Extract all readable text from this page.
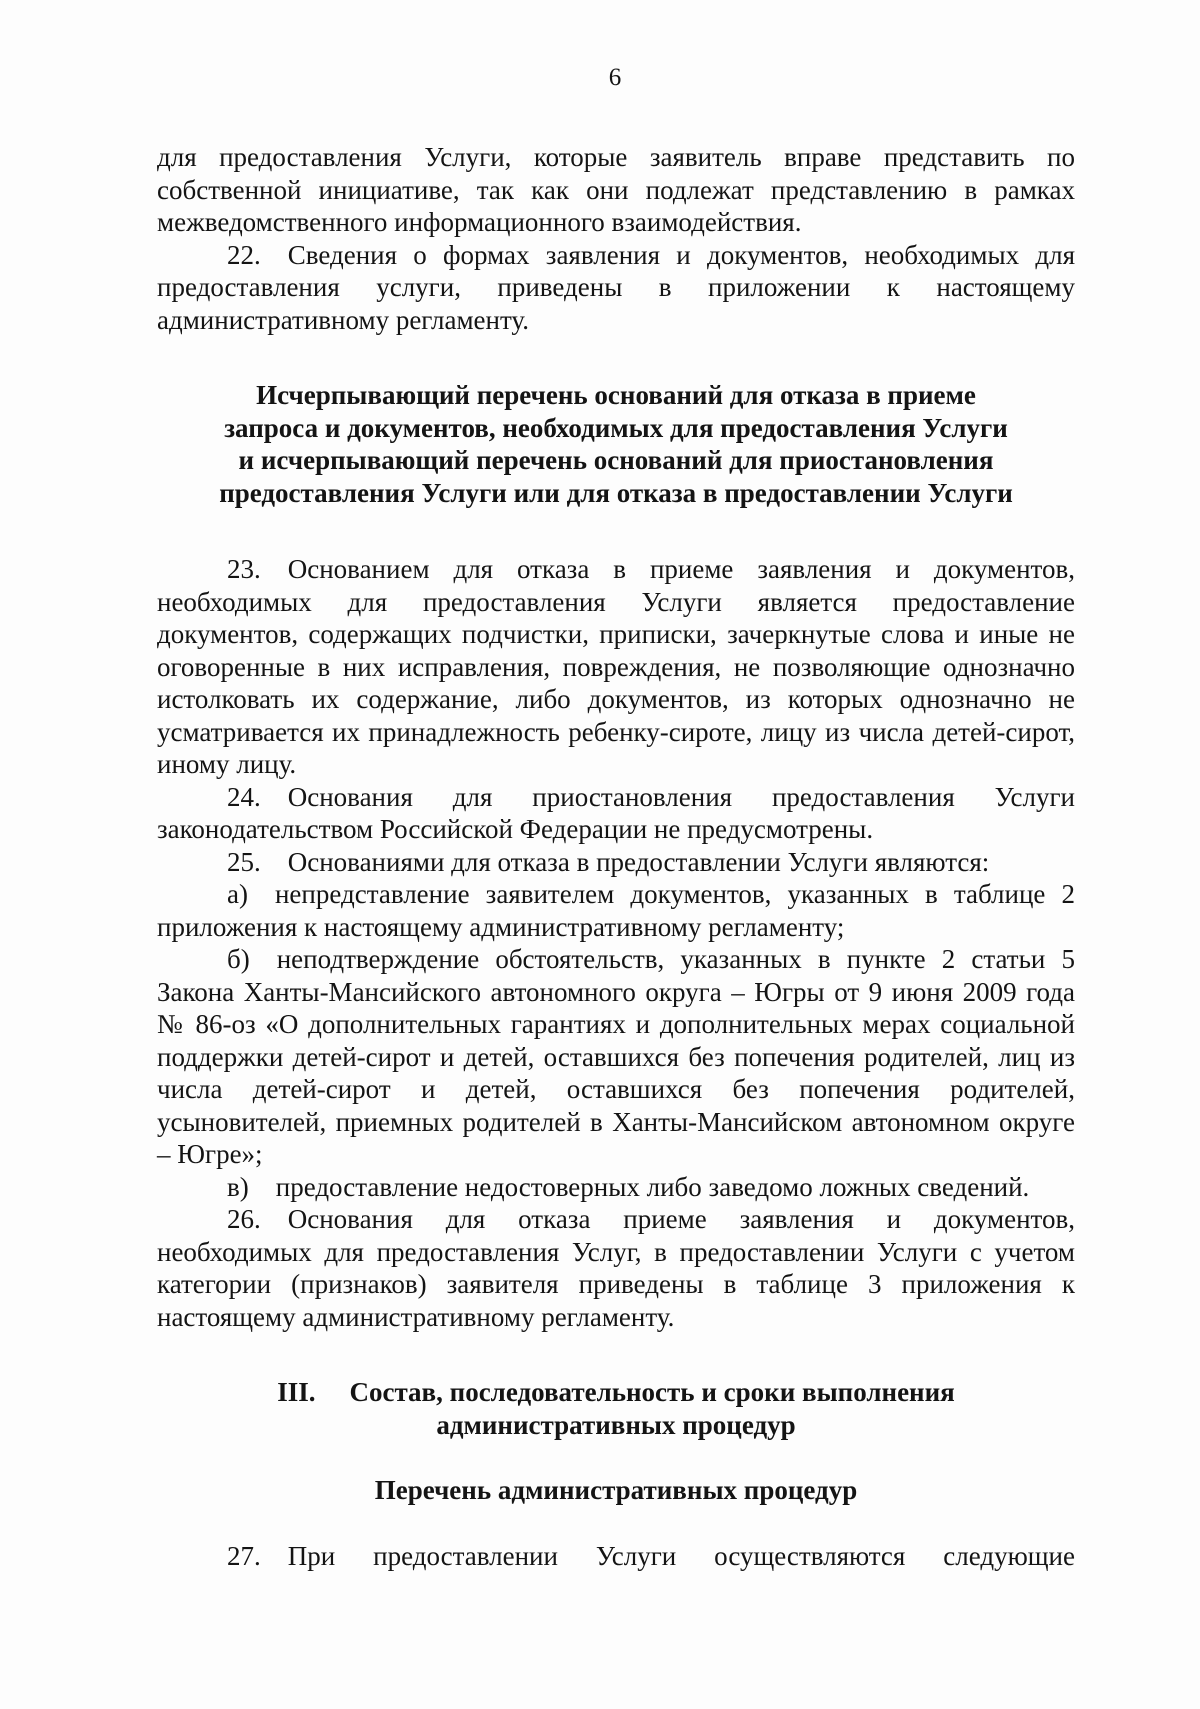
6

для предоставления Услуги, которые заявитель вправе представить по собственной инициативе, так как они подлежат представлению в рамках межведомственного информационного взаимодействия.

22. Сведения о формах заявления и документов, необходимых для предоставления услуги, приведены в приложении к настоящему административному регламенту.

Исчерпывающий перечень оснований для отказа в приеме
запроса и документов, необходимых для предоставления Услуги
и исчерпывающий перечень оснований для приостановления
предоставления Услуги или для отказа в предоставлении Услуги

23. Основанием для отказа в приеме заявления и документов, необходимых для предоставления Услуги является предоставление документов, содержащих подчистки, приписки, зачеркнутые слова и иные не оговоренные в них исправления, повреждения, не позволяющие однозначно истолковать их содержание, либо документов, из которых однозначно не усматривается их принадлежность ребенку-сироте, лицу из числа детей-сирот, иному лицу.

24. Основания для приостановления предоставления Услуги законодательством Российской Федерации не предусмотрены.

25. Основаниями для отказа в предоставлении Услуги являются:

а) непредставление заявителем документов, указанных в таблице 2 приложения к настоящему административному регламенту;

б) неподтверждение обстоятельств, указанных в пункте 2 статьи 5 Закона Ханты-Мансийского автономного округа – Югры от 9 июня 2009 года № 86-оз «О дополнительных гарантиях и дополнительных мерах социальной поддержки детей-сирот и детей, оставшихся без попечения родителей, лиц из числа детей-сирот и детей, оставшихся без попечения родителей, усыновителей, приемных родителей в Ханты-Мансийском автономном округе – Югре»;

в) предоставление недостоверных либо заведомо ложных сведений.

26. Основания для отказа приеме заявления и документов, необходимых для предоставления Услуг, в предоставлении Услуги с учетом категории (признаков) заявителя приведены в таблице 3 приложения к настоящему административному регламенту.

III. Состав, последовательность и сроки выполнения
административных процедур
Перечень административных процедур

27. При предоставлении Услуги осуществляются следующие
